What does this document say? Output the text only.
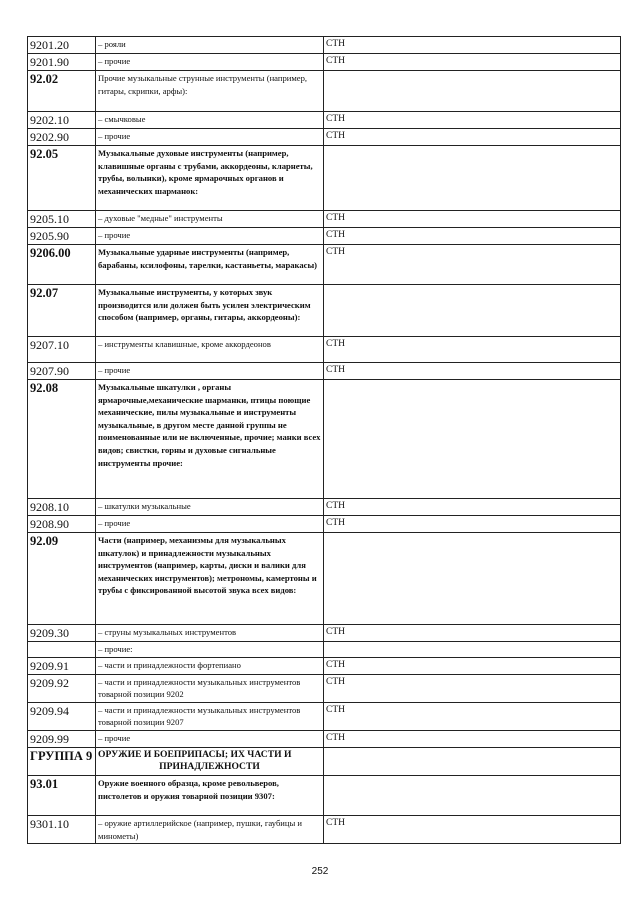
9201.20	– рояли	СТН
9201.90	– прочие	СТН
92.02	Прочие музыкальные струнные инструменты (например, гитары, скрипки, арфы):	
9202.10	– смычковые	СТН
9202.90	– прочие	СТН
92.05	Музыкальные духовые инструменты (например, клавишные органы с трубами, аккордеоны, кларнеты, трубы, волынки), кроме ярмарочных органов и механических шарманок:	
9205.10	– духовые "медные" инструменты	СТН
9205.90	– прочие	СТН
9206.00	Музыкальные ударные инструменты (например, барабаны, ксилофоны, тарелки, кастаньеты, маракасы)	СТН
92.07	Музыкальные инструменты, у которых звук производится или должен быть усилен электрическим способом (например, органы, гитары, аккордеоны):	
9207.10	– инструменты клавишные, кроме аккордеонов	СТН
9207.90	– прочие	СТН
92.08	Музыкальные шкатулки , органы ярмарочные,механические шарманки, птицы поющие механические, пилы музыкальные и инструменты музыкальные, в другом месте данной группы не поименованные или не включенные, прочие; манки всех видов; свистки, горны и духовые сигнальные инструменты прочие:	
9208.10	– шкатулки музыкальные	СТН
9208.90	– прочие	СТН
92.09	Части (например, механизмы для музыкальных шкатулок) и принадлежности музыкальных инструментов (например, карты, диски и валики для механических инструментов); метрономы, камертоны и трубы с фиксированной высотой звука всех видов:	
9209.30	– струны музыкальных инструментов	СТН
	– прочие:	
9209.91	– части и принадлежности фортепиано	СТН
9209.92	– части и принадлежности музыкальных инструментов товарной позиции 9202	СТН
9209.94	– части и принадлежности музыкальных инструментов товарной позиции 9207	СТН
9209.99	– прочие	СТН
ГРУППА 9	ОРУЖИЕ И БОЕПРИПАСЫ; ИХ ЧАСТИ И
ПРИНАДЛЕЖНОСТИ	

93.01	Оружие военного образца, кроме револьверов, пистолетов и оружия товарной позиции 9307:	
9301.10	– оружие артиллерийское (например, пушки, гаубицы и минометы)	СТН
252
